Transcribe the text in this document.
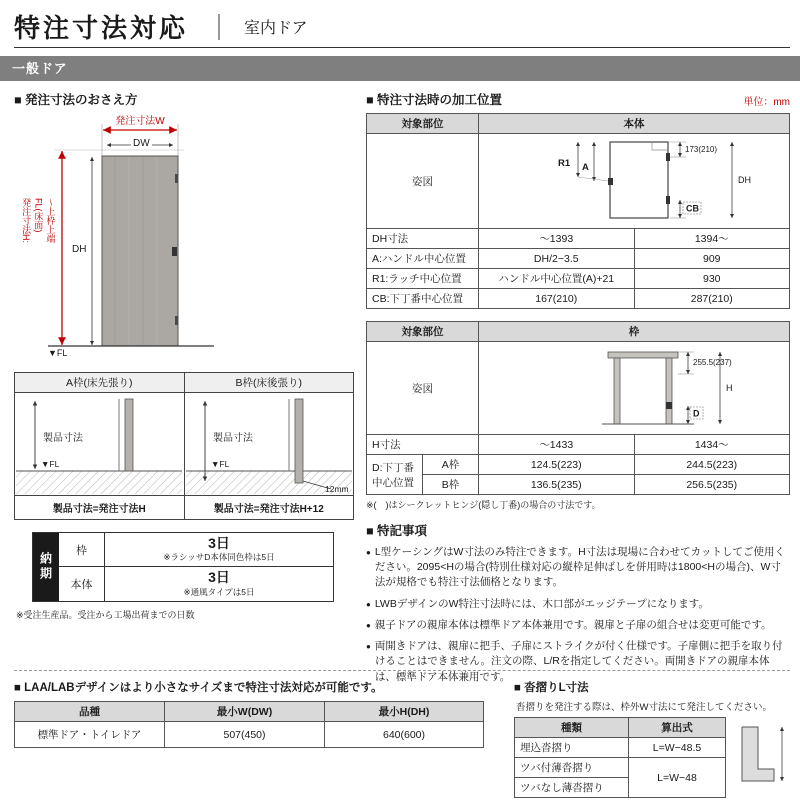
特注寸法対応	室内ドア
一般ドア
■ 発注寸法のおさえ方
発注寸法W
DW
DH
発注寸法H: FL(床面) 〜上枠上端
▼FL
A枠(床先張り)	B枠(床後張り)
製品寸法
▼FL
製品寸法
▼FL
12mm
製品寸法=発注寸法H	製品寸法=発注寸法H+12
納期
枠	3日
※ラシッサD本体同色枠は5日
本体	3日
※通風タイプは5日
※受注生産品。受注から工場出荷までの日数
■ 特注寸法時の加工位置	単位：mm
対象部位	本体	
姿図	173(210)
DH
A
R1
CB	

DH寸法	〜1393	1394〜
A:ハンドル中心位置	DH/2−3.5	909
R1:ラッチ中心位置	ハンドル中心位置(A)+21	930
CB:下丁番中心位置	167(210)	287(210)
対象部位		枠	
姿図		255.5(237)
H
D	

H寸法		〜1433	1434〜
D:下丁番
中心位置	A枠	124.5(223)	244.5(223)
	B枠	136.5(235)	256.5(235)
※(　)はシークレットヒンジ(隠し丁番)の場合の寸法です。
■ 特記事項
● L型ケーシングはW寸法のみ特注できます。H寸法は現場に合わせてカットしてご使用ください。2095<Hの場合(特別仕様対応の縦枠足伸ばしを併用時は1800<Hの場合)、W寸法が規格でも特注寸法価格となります。
● LWBデザインのW特注寸法時には、木口部がエッジテープになります。
● 親子ドアの親扉本体は標準ドア本体兼用です。親扉と子扉の組合せは変更可能です。
● 両開きドアは、親扉に把手、子扉にストライクが付く仕様です。子扉側に把手を取り付けることはできません。注文の際、L/Rを指定してください。両開きドアの親扉本体は、標準ドア本体兼用です。
■ LAA/LABデザインはより小さなサイズまで特注寸法対応が可能です。
品種	最小W(DW)	最小H(DH)
標準ドア・トイレドア	507(450)	640(600)
■ 沓摺りL寸法
沓摺りを発注する際は、枠外W寸法にて発注してください。
種類	算出式
埋込沓摺り	L=W−48.5
ツバ付薄沓摺り	L=W−48
ツバなし薄沓摺り	
